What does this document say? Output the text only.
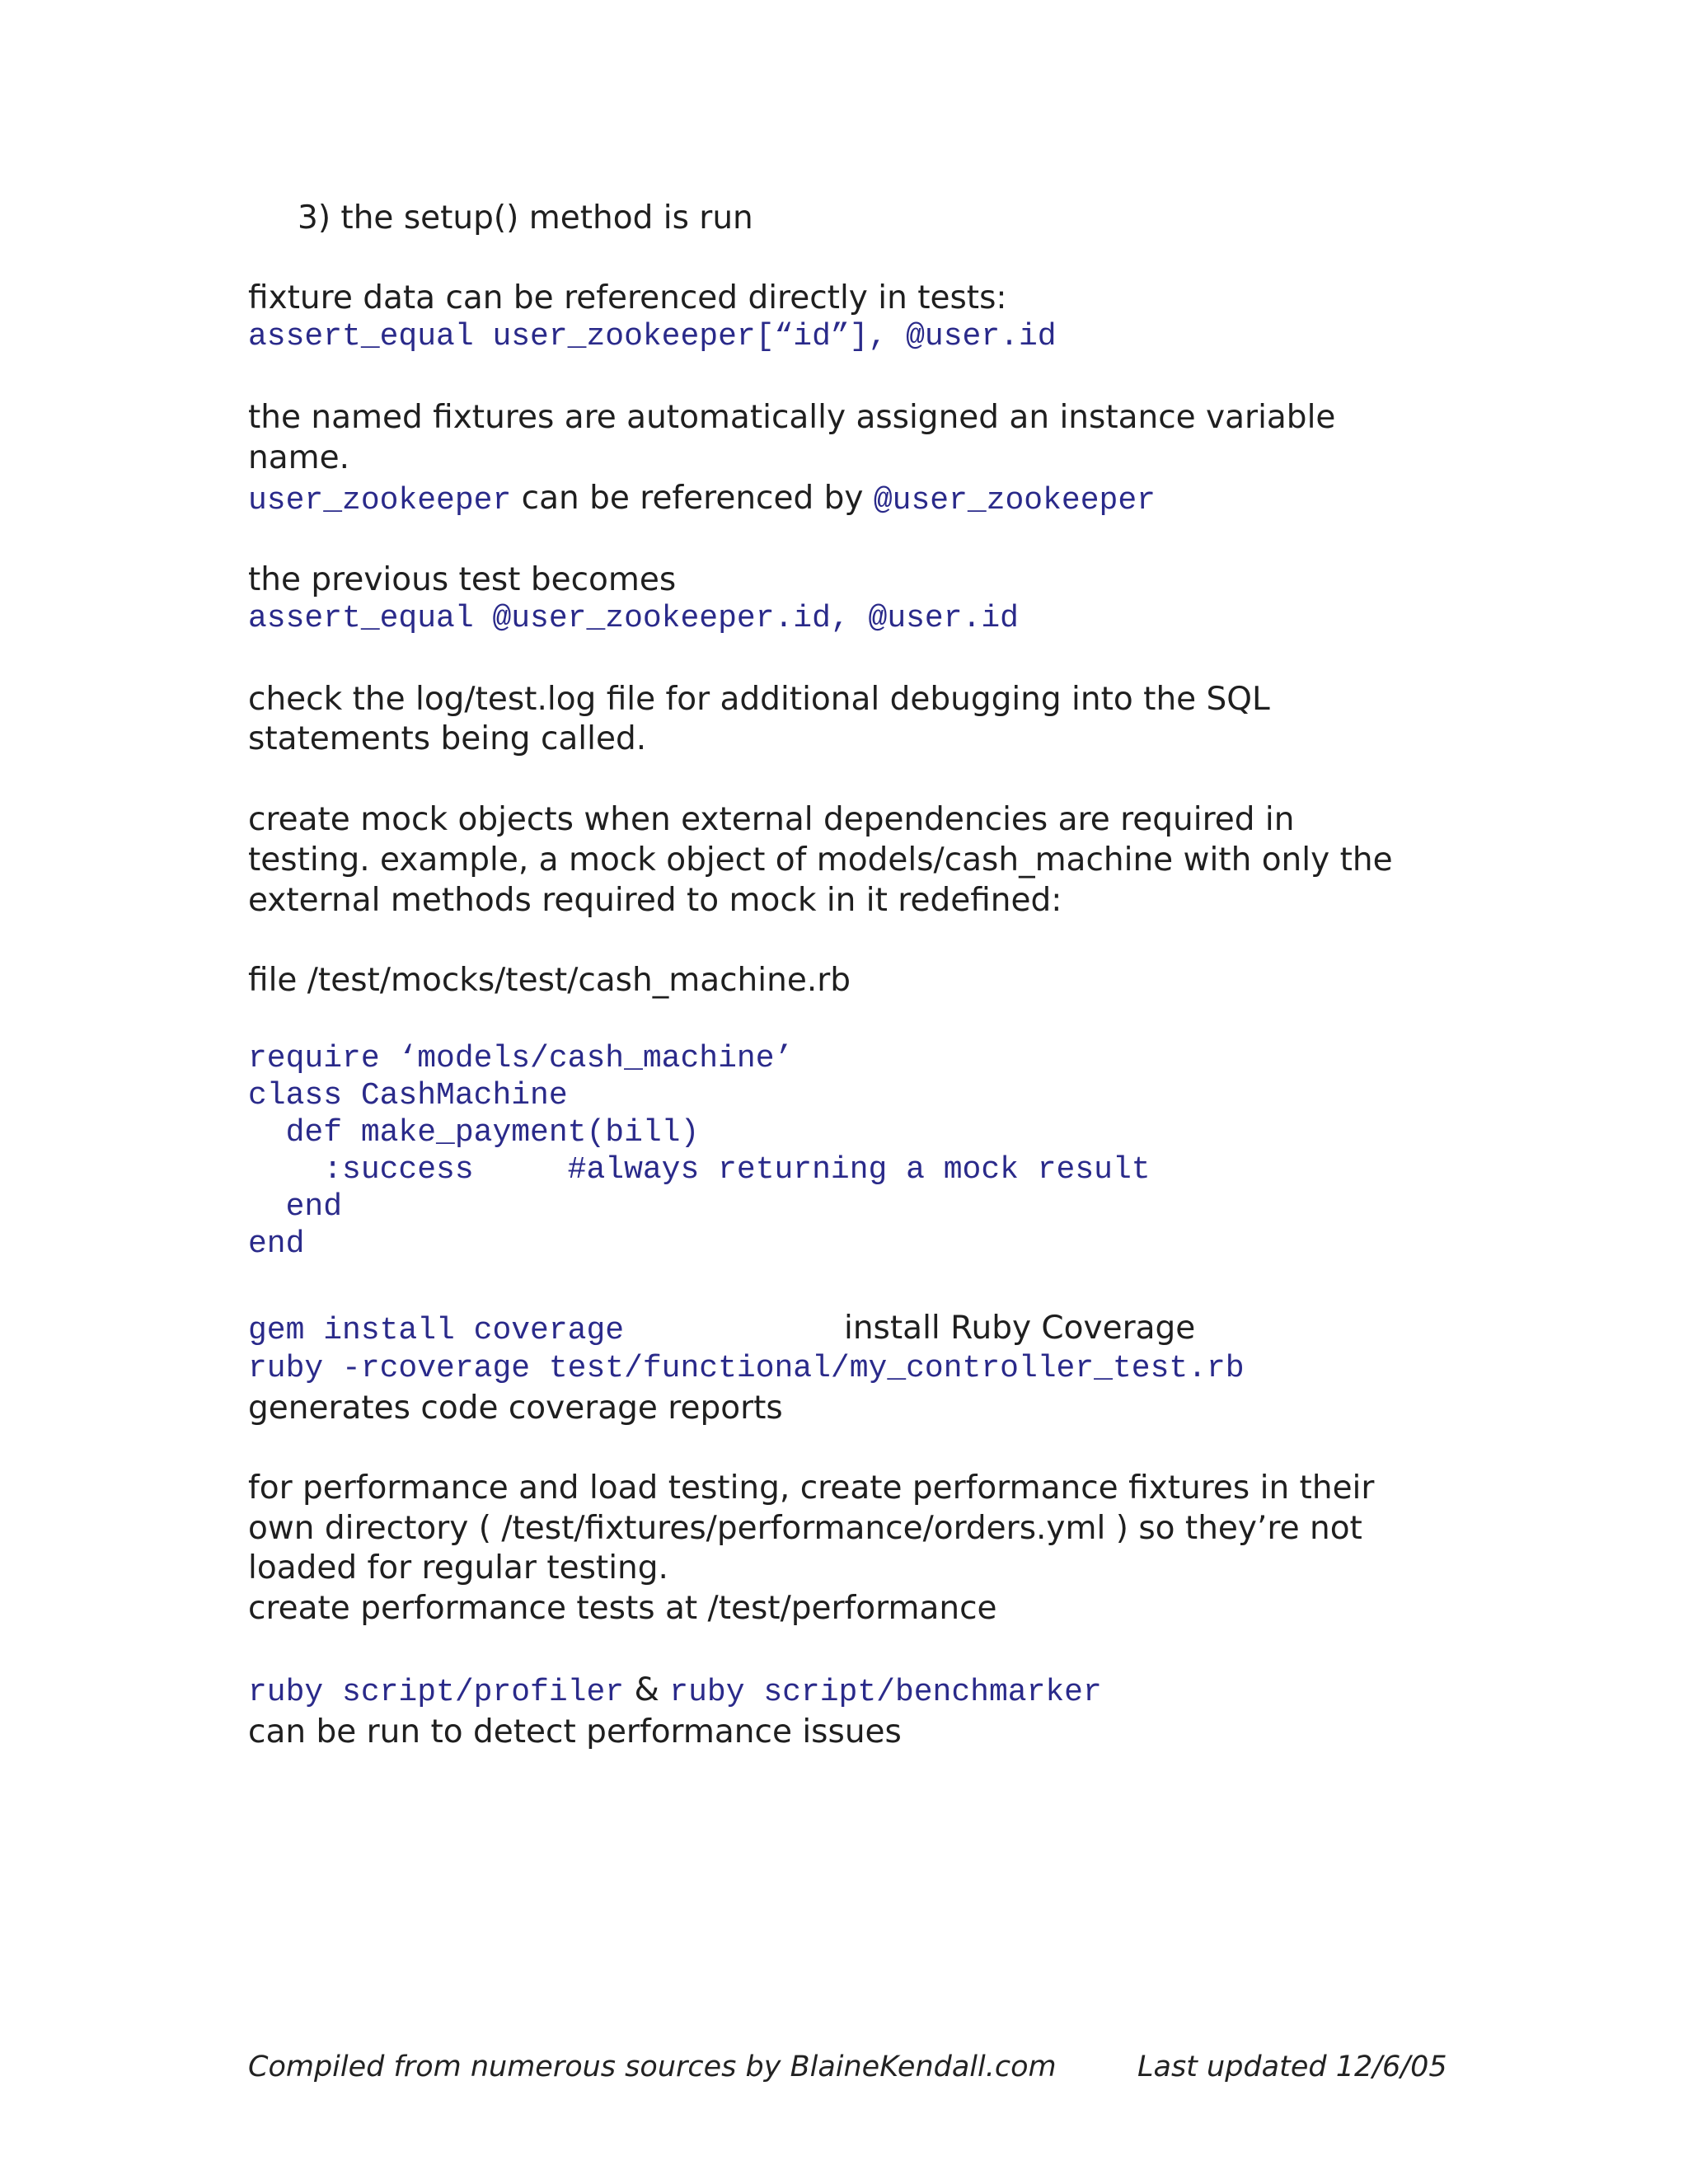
3) the setup() method is run
fixture data can be referenced directly in tests:
assert_equal user_zookeeper[“id”], @user.id
the named fixtures are automatically assigned an instance variable
name.
user_zookeeper can be referenced by @user_zookeeper
the previous test becomes
assert_equal @user_zookeeper.id, @user.id
check the log/test.log file for additional debugging into the SQL
statements being called.
create mock objects when external dependencies are required in
testing. example, a mock object of models/cash_machine with only the
external methods required to mock in it redefined:
file /test/mocks/test/cash_machine.rb
require ‘models/cash_machine’
class CashMachine
def make_payment(bill)
:success     #always returning a mock result
end
end
gem install coverage	install Ruby Coverage
ruby -rcoverage test/functional/my_controller_test.rb
generates code coverage reports
for performance and load testing, create performance fixtures in their
own directory ( /test/fixtures/performance/orders.yml ) so they’re not
loaded for regular testing.
create performance tests at /test/performance
ruby script/profiler & ruby script/benchmarker
can be run to detect performance issues
Compiled from numerous sources by BlaineKendall.com	Last updated 12/6/05
